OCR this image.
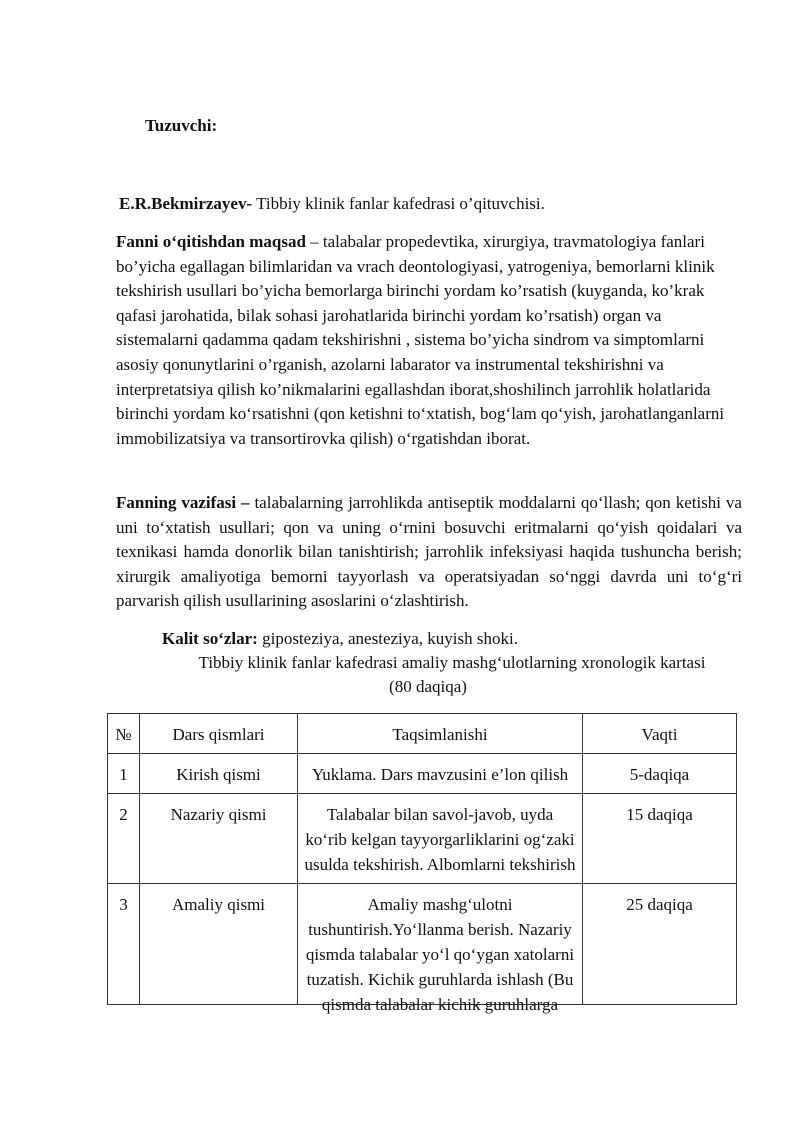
Tuzuvchi:
E.R.Bekmirzayev- Tibbiy klinik fanlar kafedrasi o’qituvchisi.
Fanni oʻqitishdan maqsad – talabalar propedevtika, xirurgiya, travmatologiya fanlari bo’yicha egallagan bilimlaridan va vrach deontologiyasi, yatrogeniya, bemorlarni klinik tekshirish usullari bo’yicha bemorlarga birinchi yordam ko’rsatish (kuyganda, ko’krak qafasi jarohatida, bilak sohasi jarohatlarida birinchi yordam ko’rsatish) organ va sistemalarni qadamma qadam tekshirishni , sistema bo’yicha sindrom va simptomlarni asosiy qonunytlarini o’rganish, azolarni labarator va instrumental tekshirishni va interpretatsiya qilish ko’nikmalarini egallashdan iborat,shoshilinch jarrohlik holatlarida birinchi yordam koʻrsatishni (qon ketishni toʻxtatish, bogʻlam qoʻyish, jarohatlanganlarni immobilizatsiya va transortirovka qilish) oʻrgatishdan iborat.
Fanning vazifasi – talabalarning jarrohlikda antiseptik moddalarni qoʻllash; qon ketishi va uni toʻxtatish usullari; qon va uning oʻrnini bosuvchi eritmalarni qoʻyish qoidalari va texnikasi hamda donorlik bilan tanishtirish; jarrohlik infeksiyasi haqida tushuncha berish; xirurgik amaliyotiga bemorni tayyorlash va operatsiyadan soʻnggi davrda uni toʻgʻri parvarish qilish usullarining asoslarini oʻzlashtirish.
Kalit soʻzlar: giposteziya, anesteziya, kuyish shoki.
Tibbiy klinik fanlar kafedrasi amaliy mashgʻulotlarning xronologik kartasi
(80 daqiqa)
№	Dars qismlari	Taqsimlanishi	Vaqti
1	Kirish qismi	Yuklama. Dars mavzusini e’lon qilish	5-daqiqa
2	Nazariy qismi	Talabalar bilan savol-javob, uyda koʻrib kelgan tayyorgarliklarini ogʻzaki usulda tekshirish. Albomlarni tekshirish	15 daqiqa

3	Amaliy qismi	Amaliy mashgʻulotni tushuntirish.Yoʻllanma berish. Nazariy qismda talabalar yoʻl qoʻygan xatolarni tuzatish. Kichik guruhlarda ishlash (Bu qismda talabalar kichik guruhlarga	25 daqiqa
